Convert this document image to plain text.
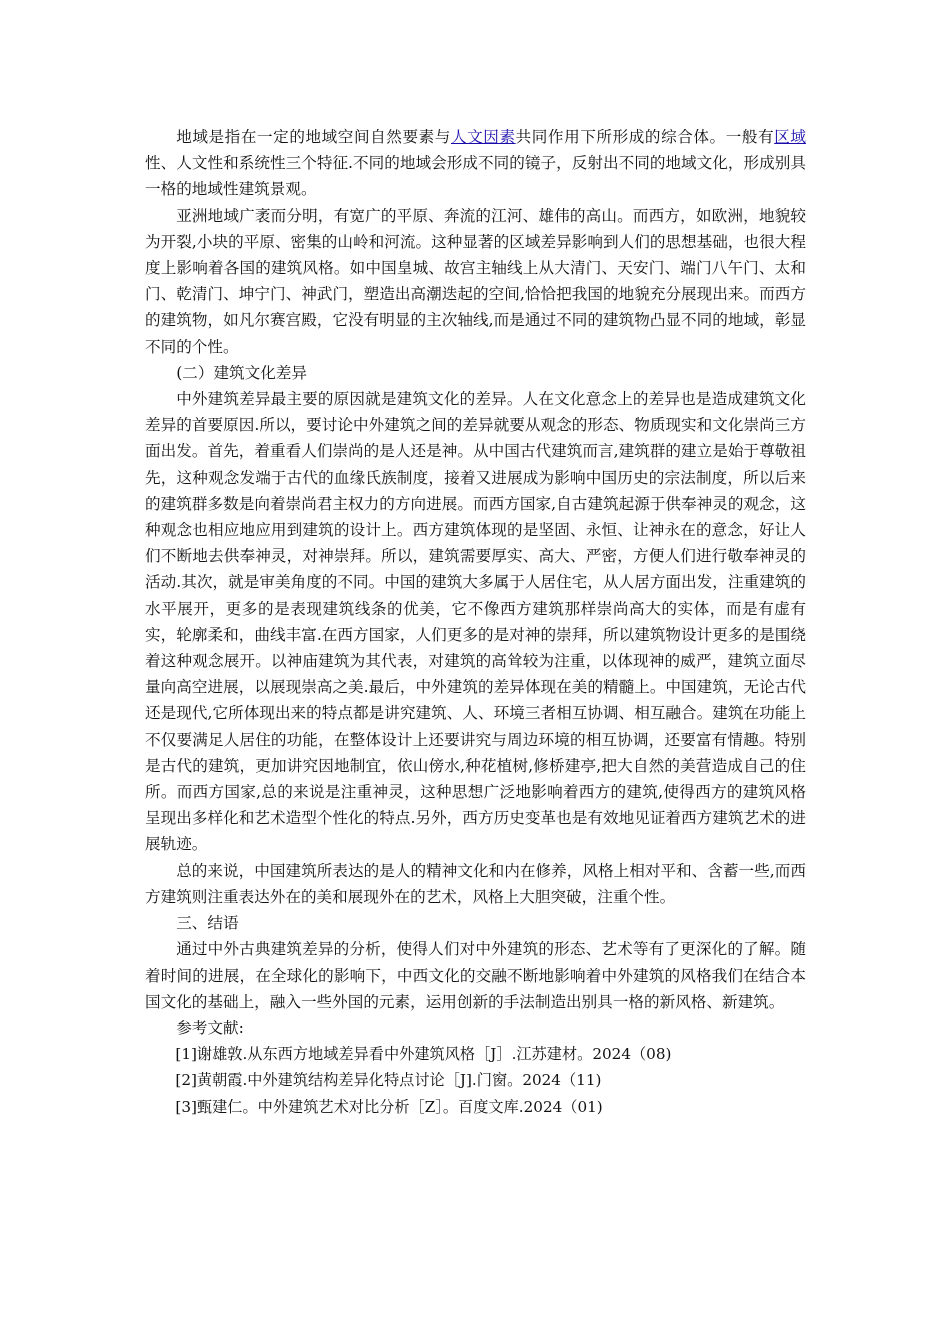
地域是指在一定的地域空间自然要素与人文因素共同作用下所形成的综合体。一般有区域性、人文性和系统性三个特征.不同的地域会形成不同的镜子，反射出不同的地域文化，形成别具一格的地域性建筑景观。

亚洲地域广袤而分明，有宽广的平原、奔流的江河、雄伟的高山。而西方，如欧洲，地貌较为开裂,小块的平原、密集的山岭和河流。这种显著的区域差异影响到人们的思想基础，也很大程度上影响着各国的建筑风格。如中国皇城、故宫主轴线上从大清门、天安门、端门八午门、太和门、乾清门、坤宁门、神武门，塑造出高潮迭起的空间,恰恰把我国的地貌充分展现出来。而西方的建筑物，如凡尔赛宫殿，它没有明显的主次轴线,而是通过不同的建筑物凸显不同的地域，彰显不同的个性。

(二）建筑文化差异

中外建筑差异最主要的原因就是建筑文化的差异。人在文化意念上的差异也是造成建筑文化差异的首要原因.所以，要讨论中外建筑之间的差异就要从观念的形态、物质现实和文化崇尚三方面出发。首先，着重看人们崇尚的是人还是神。从中国古代建筑而言,建筑群的建立是始于尊敬祖先，这种观念发端于古代的血缘氏族制度，接着又进展成为影响中国历史的宗法制度，所以后来的建筑群多数是向着崇尚君主权力的方向进展。而西方国家,自古建筑起源于供奉神灵的观念，这种观念也相应地应用到建筑的设计上。西方建筑体现的是坚固、永恒、让神永在的意念，好让人们不断地去供奉神灵，对神崇拜。所以，建筑需要厚实、高大、严密，方便人们进行敬奉神灵的活动.其次，就是审美角度的不同。中国的建筑大多属于人居住宅，从人居方面出发，注重建筑的水平展开，更多的是表现建筑线条的优美，它不像西方建筑那样崇尚高大的实体，而是有虚有实，轮廓柔和，曲线丰富.在西方国家，人们更多的是对神的崇拜，所以建筑物设计更多的是围绕着这种观念展开。以神庙建筑为其代表，对建筑的高耸较为注重，以体现神的威严，建筑立面尽量向高空进展，以展现崇高之美.最后，中外建筑的差异体现在美的精髓上。中国建筑，无论古代还是现代,它所体现出来的特点都是讲究建筑、人、环境三者相互协调、相互融合。建筑在功能上不仅要满足人居住的功能，在整体设计上还要讲究与周边环境的相互协调，还要富有情趣。特别是古代的建筑，更加讲究因地制宜，依山傍水,种花植树,修桥建亭,把大自然的美营造成自己的住所。而西方国家,总的来说是注重神灵，这种思想广泛地影响着西方的建筑,使得西方的建筑风格呈现出多样化和艺术造型个性化的特点.另外，西方历史变革也是有效地见证着西方建筑艺术的进展轨迹。

总的来说，中国建筑所表达的是人的精神文化和内在修养，风格上相对平和、含蓄一些,而西方建筑则注重表达外在的美和展现外在的艺术，风格上大胆突破，注重个性。

三、结语

通过中外古典建筑差异的分析，使得人们对中外建筑的形态、艺术等有了更深化的了解。随着时间的进展，在全球化的影响下，中西文化的交融不断地影响着中外建筑的风格我们在结合本国文化的基础上，融入一些外国的元素，运用创新的手法制造出别具一格的新风格、新建筑。

参考文献:

[1]谢雄敦.从东西方地域差异看中外建筑风格［J］.江苏建材。2024（08)

[2]黄朝霞.中外建筑结构差异化特点讨论［J].门窗。2024（11)

[3]甄建仁。中外建筑艺术对比分析［Z］。百度文库.2024（01)
